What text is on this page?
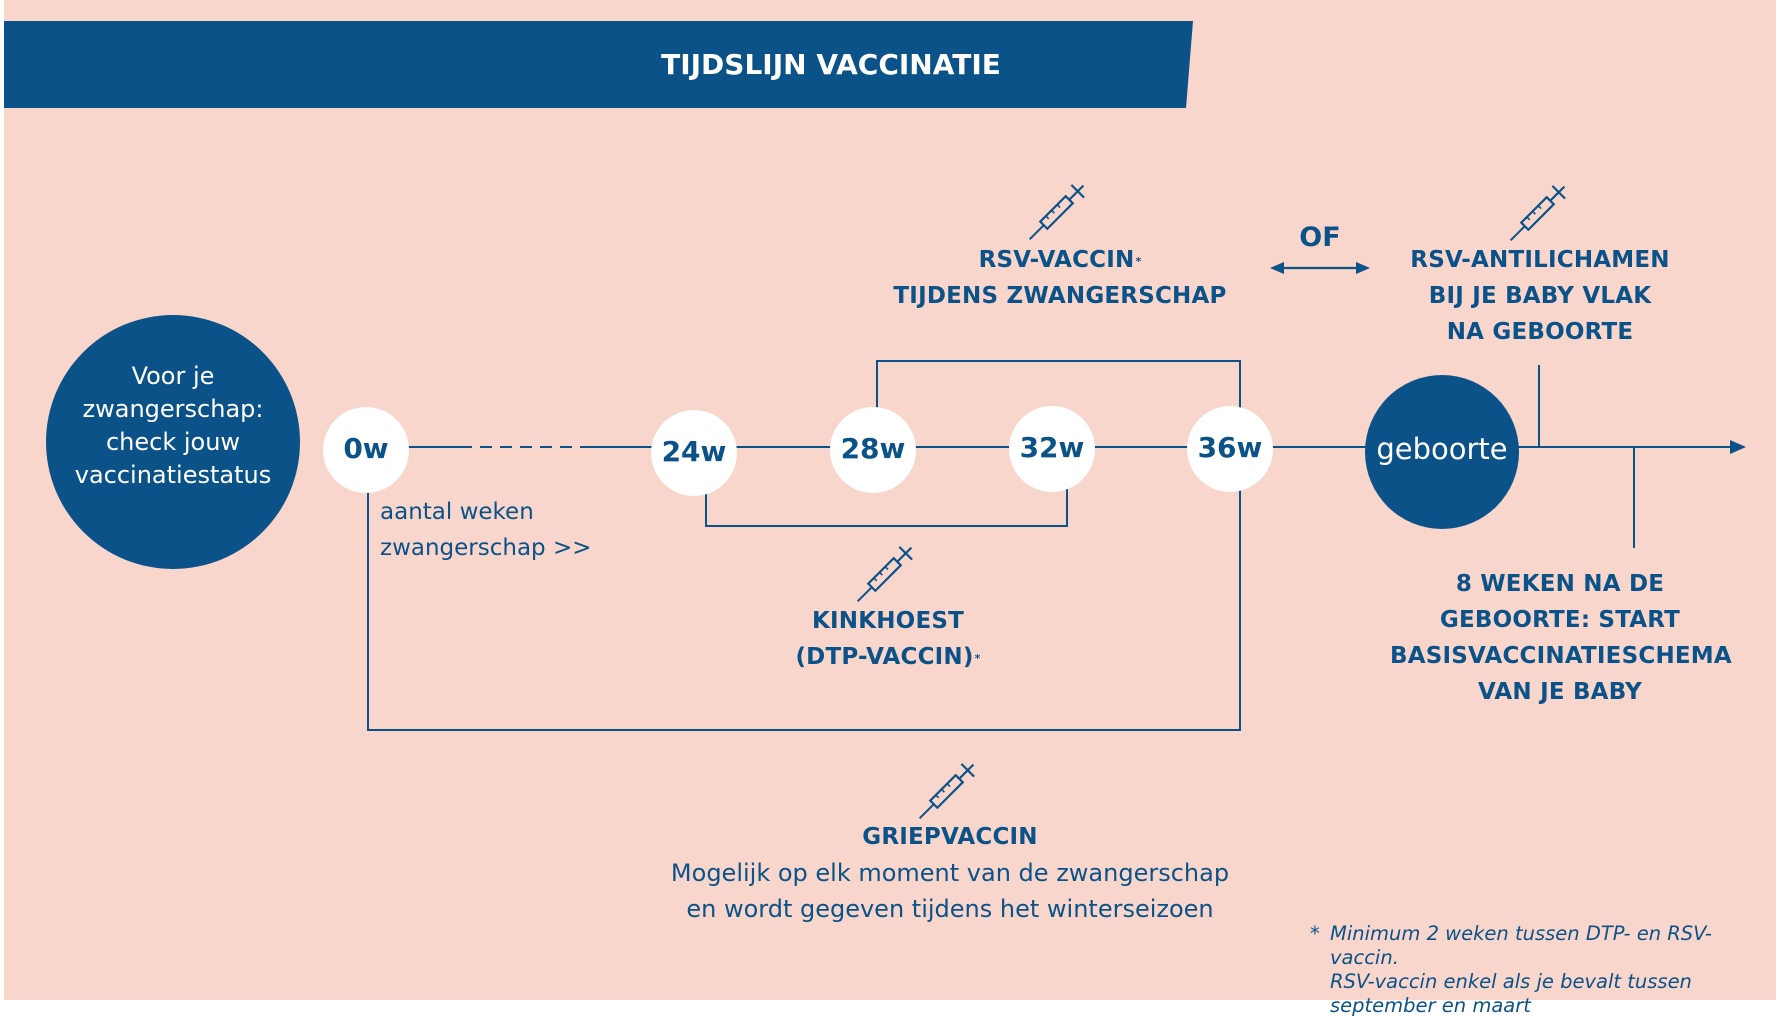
TIJDSLIJN VACCINATIE
Voor je
zwangerschap:
check jouw
vaccinatiestatus
0w	24w	28w	32w	36w	geboorte
aantal weken
zwangerschap >>
RSV-VACCIN*
TIJDENS ZWANGERSCHAP
OF
RSV-ANTILICHAMEN
BIJ JE BABY VLAK
NA GEBOORTE
KINKHOEST
(DTP-VACCIN)*
GRIEPVACCIN
Mogelijk op elk moment van de zwangerschap
en wordt gegeven tijdens het winterseizoen
8 WEKEN NA DE
GEBOORTE: START
BASISVACCINATIESCHEMA
VAN JE BABY
* Minimum 2 weken tussen DTP- en RSV-vaccin.
RSV-vaccin enkel als je bevalt tussen
september en maart
